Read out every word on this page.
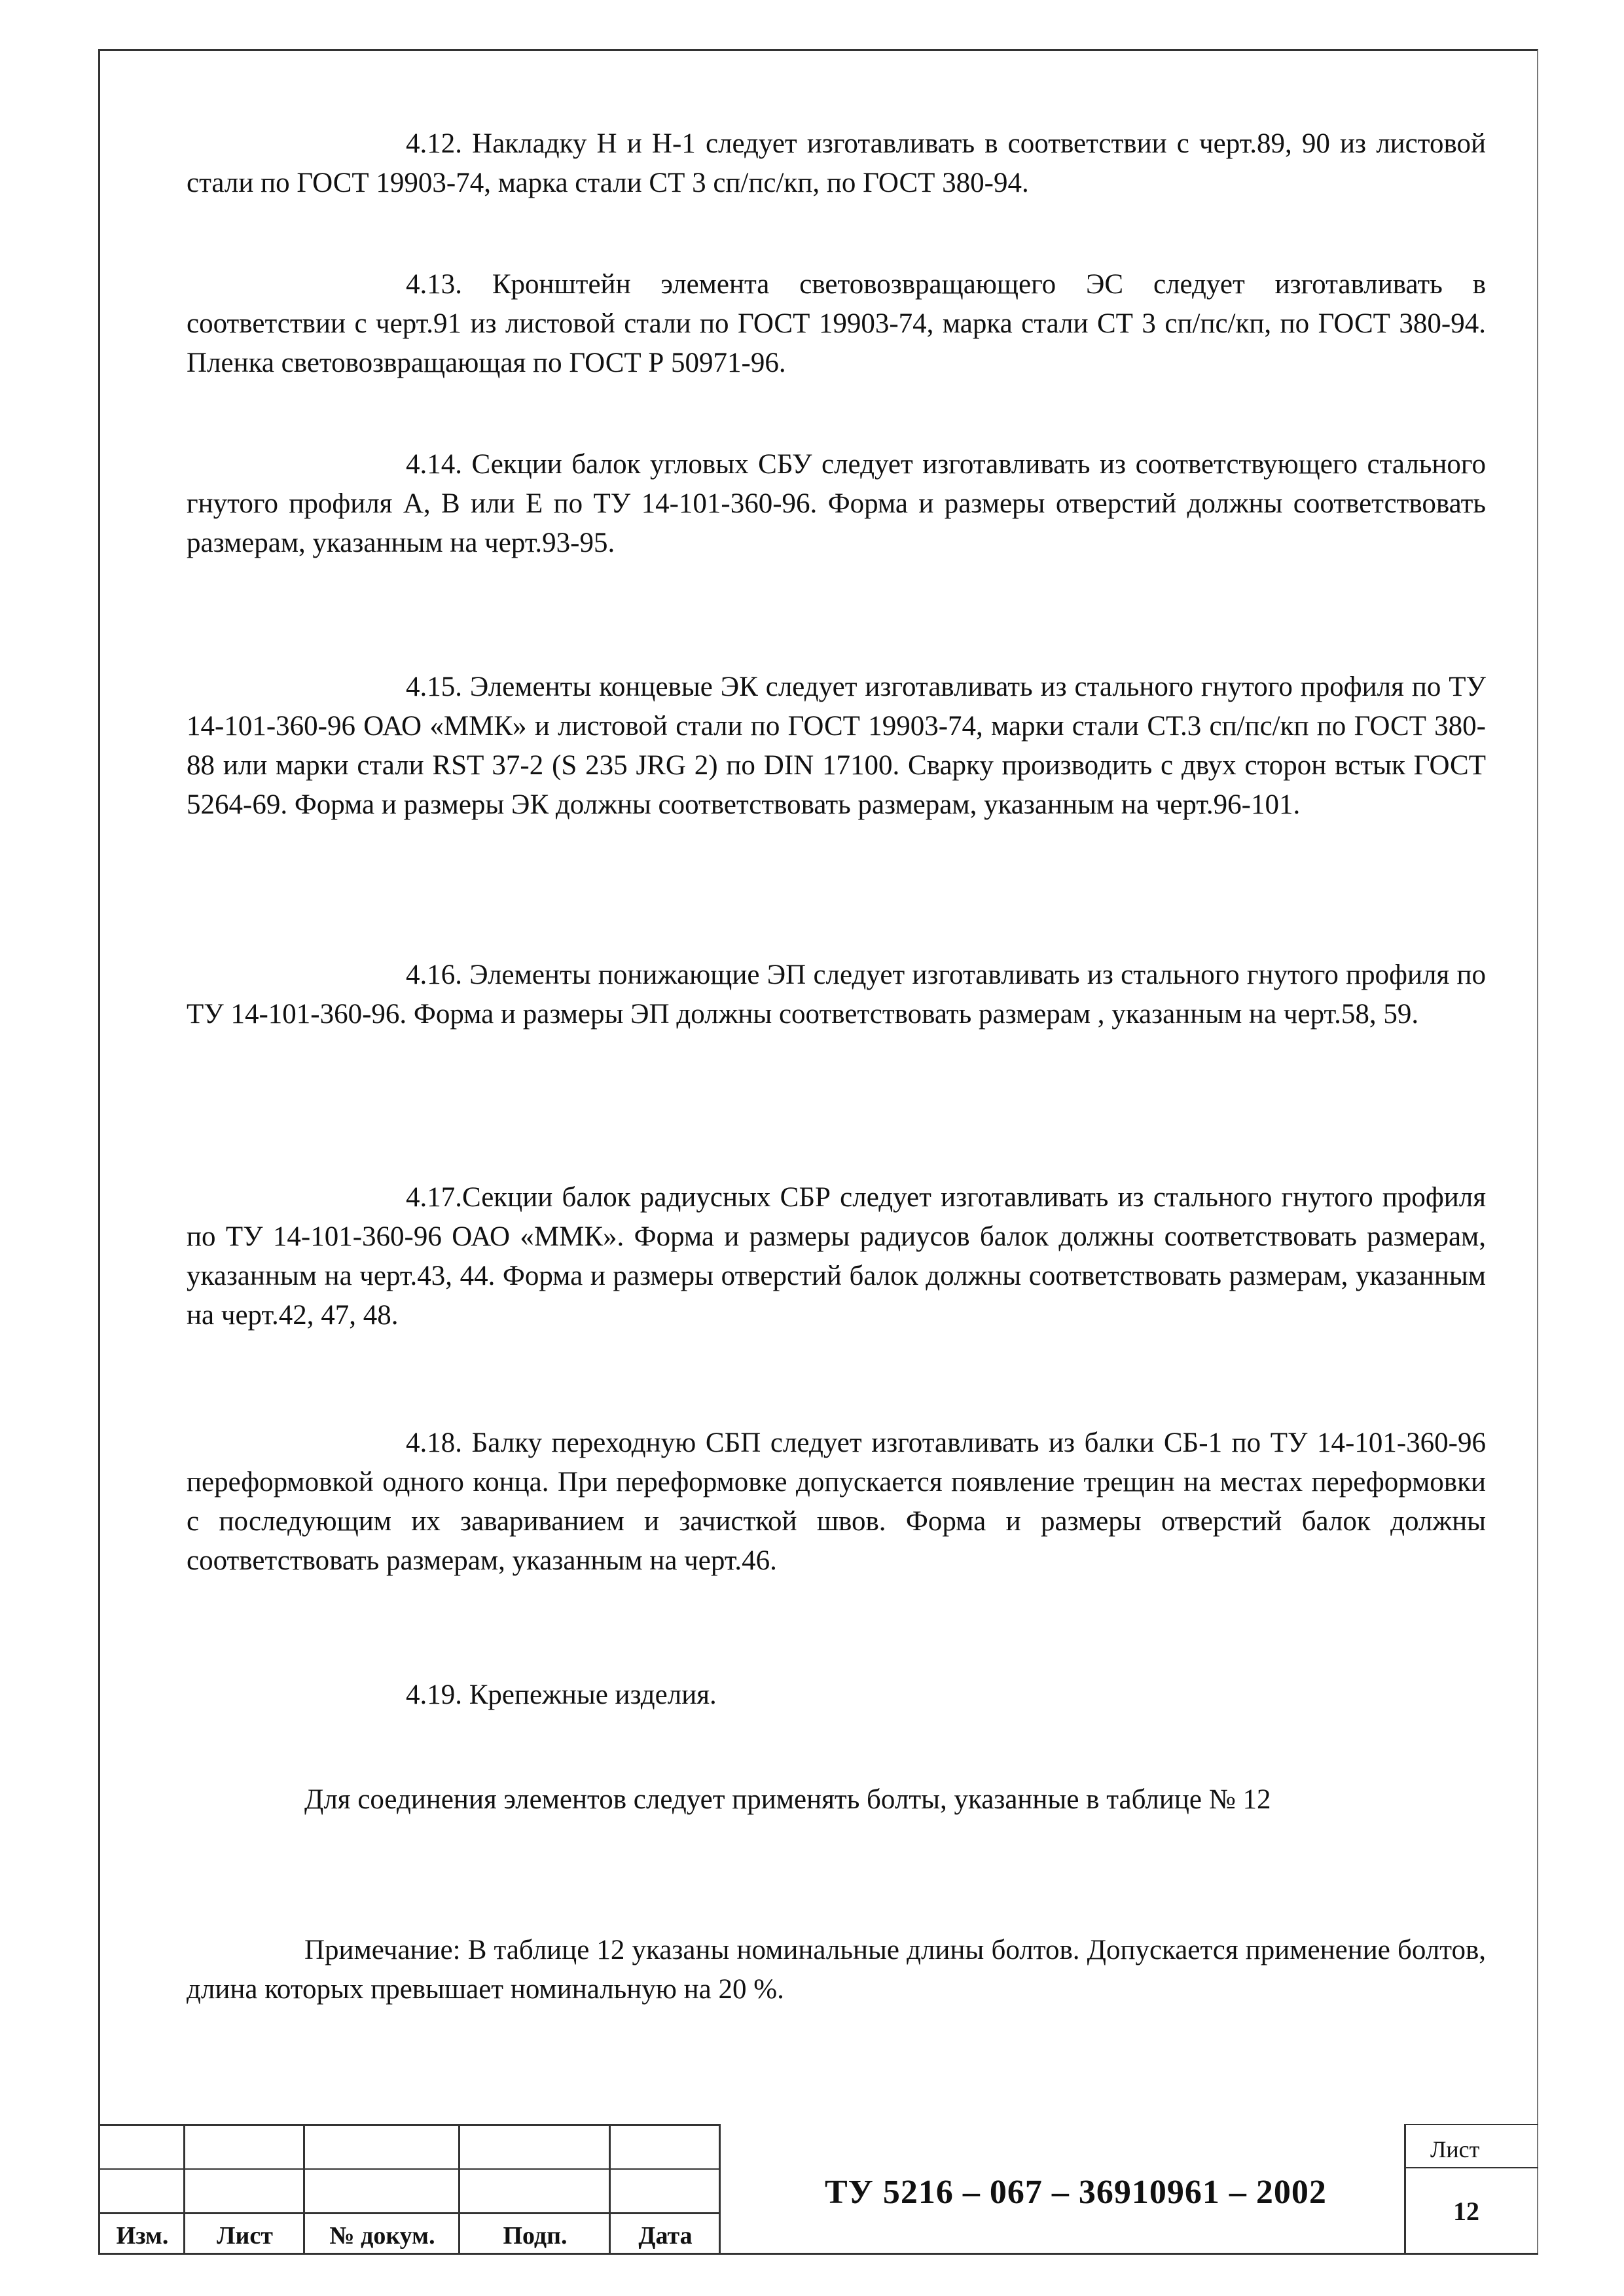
4.12. Накладку Н и Н-1 следует изготавливать в соответствии с черт.89, 90 из листовой стали по ГОСТ 19903-74, марка стали СТ 3 сп/пс/кп, по ГОСТ 380-94.

4.13. Кронштейн элемента световозвращающего ЭС следует изготавливать в соответствии с черт.91 из листовой стали по ГОСТ 19903-74, марка стали СТ 3 сп/пс/кп, по ГОСТ 380-94. Пленка световозвращающая по ГОСТ Р 50971-96.

4.14. Секции балок угловых СБУ следует изготавливать из соответствующего стального гнутого профиля А, В или Е по ТУ 14-101-360-96. Форма и размеры отверстий должны соответствовать размерам, указанным на черт.93-95.

4.15. Элементы концевые ЭК следует изготавливать из стального гнутого профиля по ТУ 14-101-360-96 ОАО «ММК» и листовой стали по ГОСТ 19903-74, марки стали СТ.3 сп/пс/кп по ГОСТ 380-88 или марки стали RST 37-2 (S 235 JRG 2) по DIN 17100. Сварку производить с двух сторон встык ГОСТ 5264-69. Форма и размеры ЭК должны соответствовать размерам, указанным на черт.96-101.

4.16. Элементы понижающие ЭП следует изготавливать из стального гнутого профиля по ТУ 14-101-360-96. Форма и размеры ЭП должны соответствовать размерам , указанным на черт.58, 59.

4.17.Секции балок радиусных СБР следует изготавливать из стального гнутого профиля по ТУ 14-101-360-96 ОАО «ММК». Форма и размеры радиусов балок должны соответствовать размерам, указанным на черт.43, 44. Форма и размеры отверстий балок должны соответствовать размерам, указанным на черт.42, 47, 48.

4.18. Балку переходную СБП следует изготавливать из балки СБ-1 по ТУ 14-101-360-96 переформовкой одного конца. При переформовке допускается появление трещин на местах переформовки с последующим их завариванием и зачисткой швов. Форма и размеры отверстий балок должны соответствовать размерам, указанным на черт.46.

4.19. Крепежные изделия.

Для соединения элементов следует применять болты, указанные в таблице № 12

Примечание: В таблице 12 указаны номинальные длины болтов. Допускается применение болтов, длина которых превышает номинальную на 20 %.

Изм.	Лист	№ докум.	Подп.	Дата
ТУ 5216 – 067 – 36910961 – 2002
Лист
12
